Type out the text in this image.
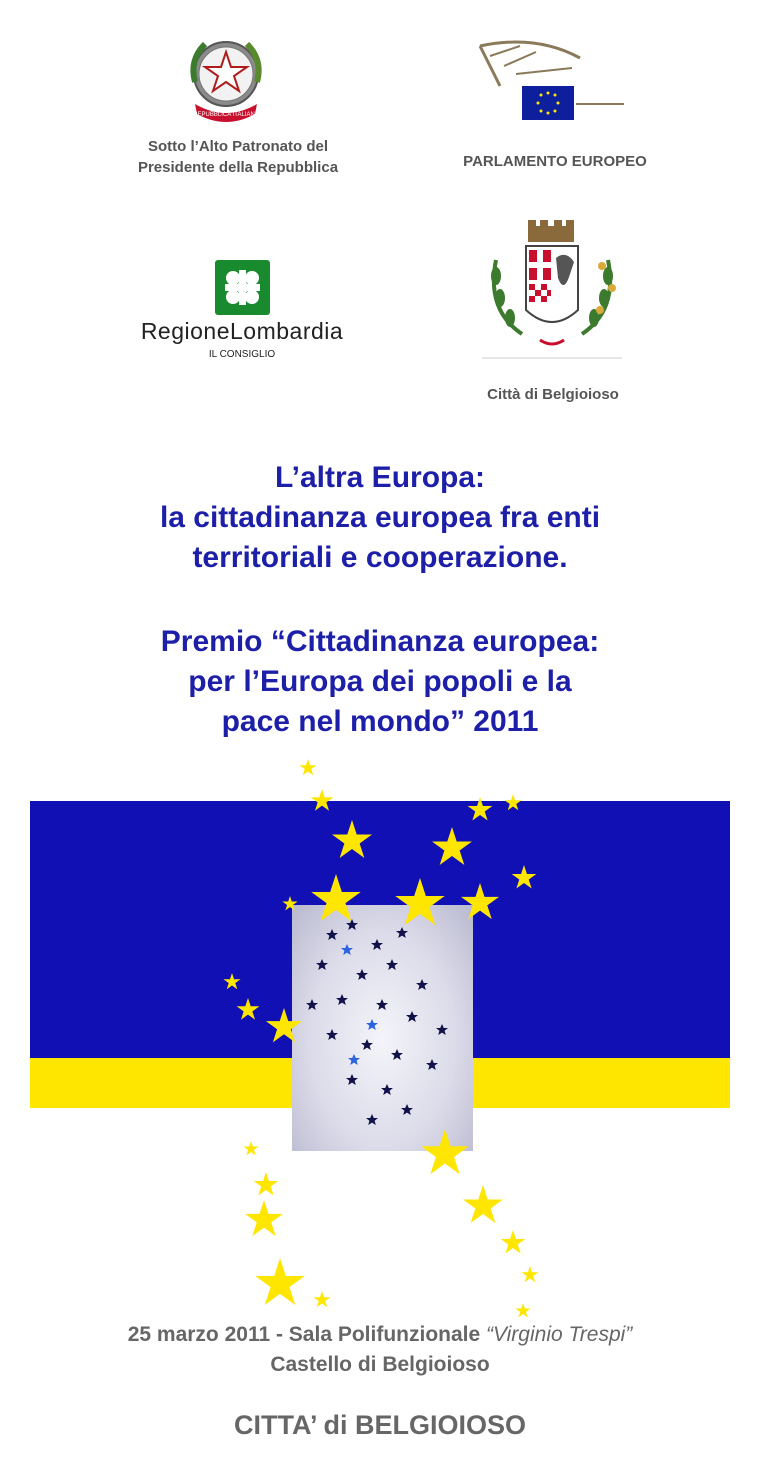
REPUBBLICA ITALIANA
Sotto l’Alto Patronato del
Presidente della Repubblica	PARLAMENTO EUROPEO
RegioneLombardia
IL CONSIGLIO
Città di Belgioioso
L’altra Europa:
la cittadinanza europea fra enti
territoriali e cooperazione.
Premio “Cittadinanza europea:
per l’Europa dei popoli e la
pace nel mondo” 2011
25 marzo 2011 - Sala Polifunzionale “Virginio Trespi”
Castello di Belgioioso
CITTA’ di BELGIOIOSO
